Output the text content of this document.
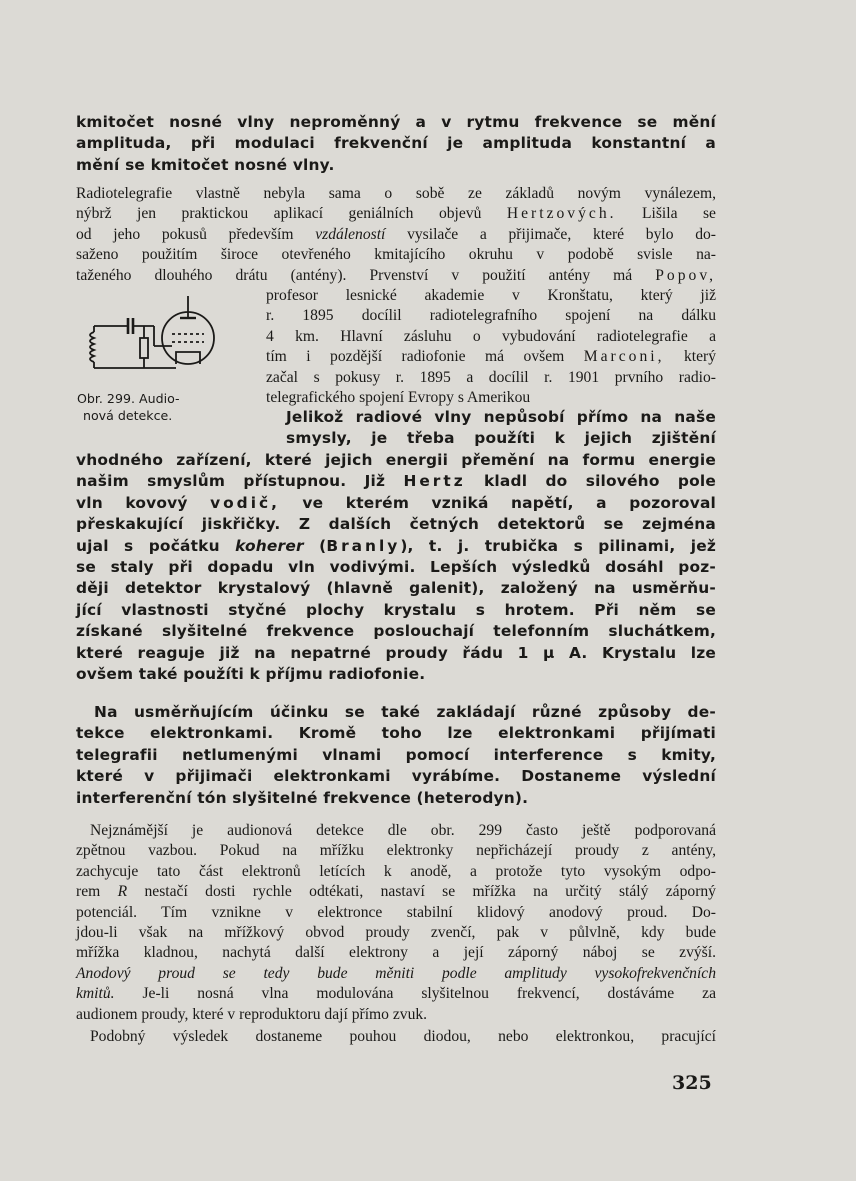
kmitočet nosné vlny neproměnný a v rytmu frekvence se mění
amplituda, při modulaci frekvenční je amplituda konstantní a
mění se kmitočet nosné vlny.
Radiotelegrafie vlastně nebyla sama o sobě ze základů novým vynálezem,
nýbrž jen praktickou aplikací geniálních objevů Hertzových. Lišila se
od jeho pokusů především vzdáleností vysilače a přijimače, které bylo do-
saženo použitím široce otevřeného kmitajícího okruhu v podobě svisle na-
taženého dlouhého drátu (antény). Prvenství v použití antény má Popov,
profesor lesnické akademie v Kronštatu, který již
r. 1895 docílil radiotelegrafního spojení na dálku
4 km. Hlavní zásluhu o vybudování radiotelegrafie a
tím i pozdější radiofonie má ovšem Marconi, který
začal s pokusy r. 1895 a docílil r. 1901 prvního radio-
telegrafického spojení Evropy s Amerikou
Obr. 299. Audio-
nová detekce.	Jelikož radiové vlny nepůsobí přímo na naše
smysly, je třeba použíti k jejich zjištění
vhodného zařízení, které jejich energii přemění na formu energie
našim smyslům přístupnou. Již Hertz kladl do silového pole
vln kovový vodič, ve kterém vzniká napětí, a pozoroval
přeskakující jiskřičky. Z dalších četných detektorů se zejména
ujal s počátku koherer (Branly), t. j. trubička s pilinami, jež
se staly při dopadu vln vodivými. Lepších výsledků dosáhl poz-
ději detektor krystalový (hlavně galenit), založený na usměrňu-
jící vlastnosti styčné plochy krystalu s hrotem. Při něm se
získané slyšitelné frekvence poslouchají telefonním sluchátkem,
které reaguje již na nepatrné proudy řádu 1 μ A. Krystalu lze
ovšem také použíti k příjmu radiofonie.
Na usměrňujícím účinku se také zakládají různé způsoby de-
tekce elektronkami. Kromě toho lze elektronkami přijímati
telegrafii netlumenými vlnami pomocí interference s kmity,
které v přijimači elektronkami vyrábíme. Dostaneme výslední
interferenční tón slyšitelné frekvence (heterodyn).
Nejznámější je audionová detekce dle obr. 299 často ještě podporovaná
zpětnou vazbou. Pokud na mřížku elektronky nepřicházejí proudy z antény,
zachycuje tato část elektronů letících k anodě, a protože tyto vysokým odpo-
rem R nestačí dosti rychle odtékati, nastaví se mřížka na určitý stálý záporný
potenciál. Tím vznikne v elektronce stabilní klidový anodový proud. Do-
jdou-li však na mřížkový obvod proudy zvenčí, pak v půlvlně, kdy bude
mřížka kladnou, nachytá další elektrony a její záporný náboj se zvýší.
Anodový proud se tedy bude měniti podle amplitudy vysokofrekvenčních
kmitů. Je-li nosná vlna modulována slyšitelnou frekvencí, dostáváme za
audionem proudy, které v reproduktoru dají přímo zvuk.
Podobný výsledek dostaneme pouhou diodou, nebo elektronkou, pracující
325
